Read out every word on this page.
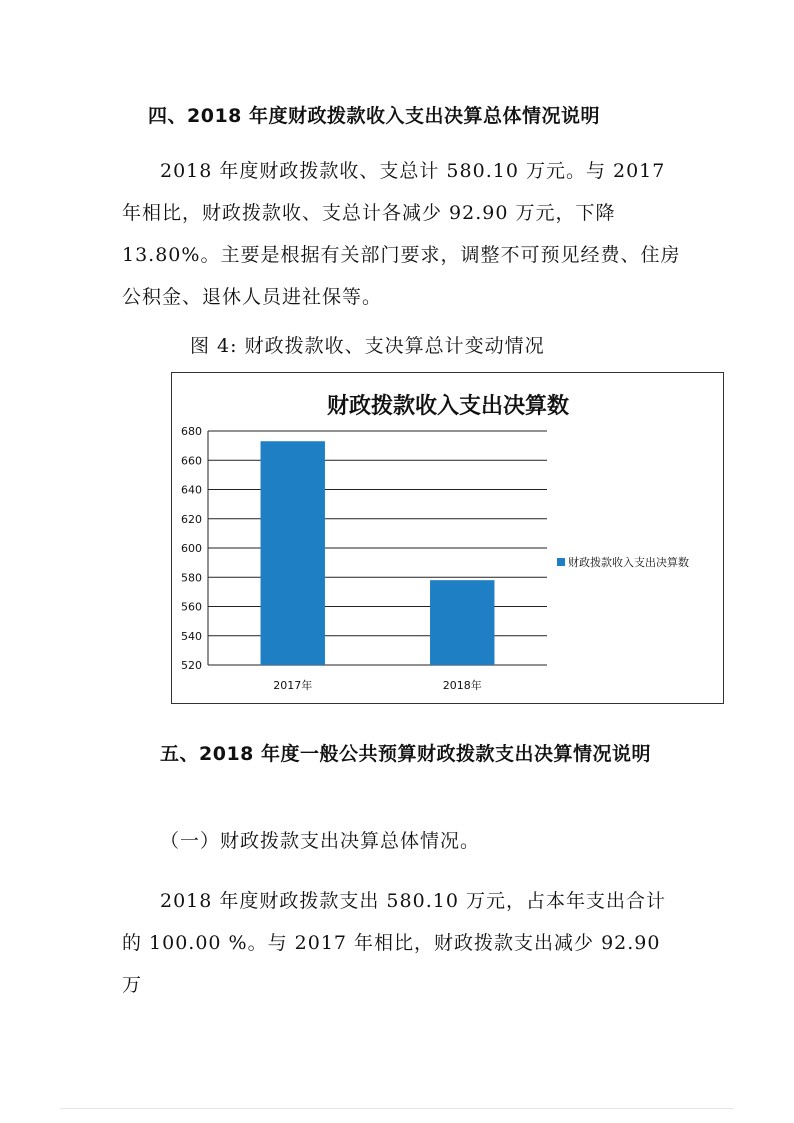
四、2018 年度财政拨款收入支出决算总体情况说明
2018 年度财政拨款收、支总计 580.10 万元。与 2017 年相比，财政拨款收、支总计各减少 92.90 万元，下降 13.80%。主要是根据有关部门要求，调整不可预见经费、住房公积金、退休人员进社保等。
图 4: 财政拨款收、支决算总计变动情况
财政拨款收入支出决算数
520
540
560
580
600
620
640
660
680
2017年	2018年
财政拨款收入支出决算数
五、2018 年度一般公共预算财政拨款支出决算情况说明
（一）财政拨款支出决算总体情况。
2018 年度财政拨款支出 580.10 万元，占本年支出合计的 100.00 %。与 2017 年相比，财政拨款支出减少 92.90 万
